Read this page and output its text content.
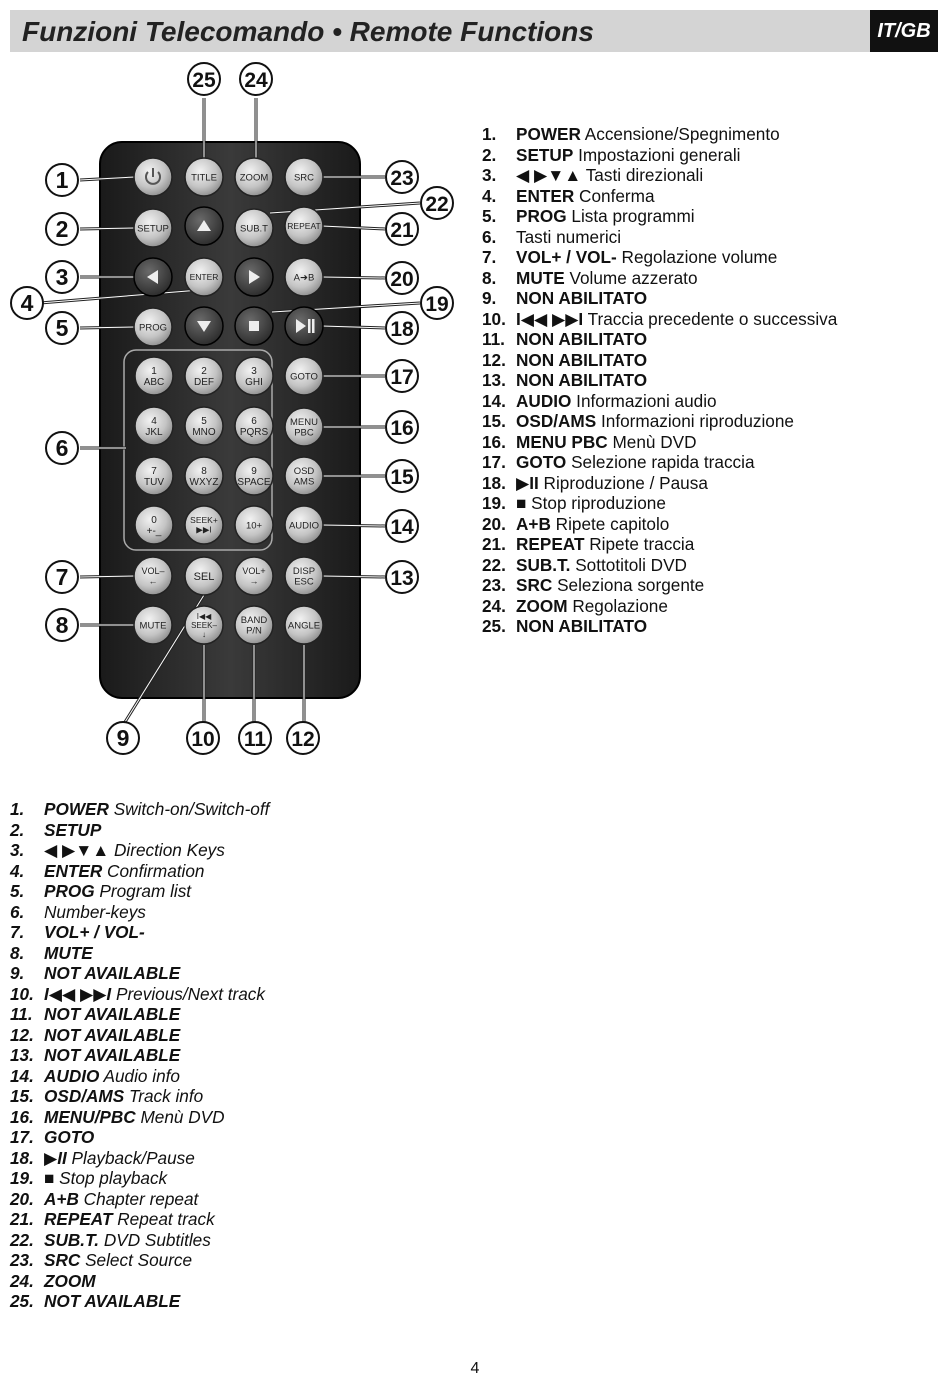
Funzioni Telecomando • Remote Functions	IT/GB
TITLE ZOOM	SRC
SETUP	SUB.T REPEAT
ENTER	A➜B
PROG
1
ABC
2
DEF
3
GHI
4
JKL
5
MNO
6
PQRS
7
TUV
8
WXYZ
9
SPACE
0
+-_
SEEK+
▶▶I	10+
GOTO
MENU
PBC
OSD
AMS
AUDIO
VOL–
←	SEL	VOL+
→
DISP
ESC
MUTE
I◀◀
SEEK–
↓
BAND
P/N	ANGLE
1
2
3
4
5
6
7
8
9	10 11 12
13
14
15
16
17
18
19
20
21
22
23
24
25
1. POWER Accensione/Spegnimento
2. SETUP Impostazioni generali
3. ◀ ▶▼▲ Tasti direzionali
4. ENTER Conferma
5. PROG Lista programmi
6. Tasti numerici
7. VOL+ / VOL- Regolazione volume
8. MUTE Volume azzerato
9. NON ABILITATO
10. I◀◀ ▶▶I Traccia precedente o successiva
11. NON ABILITATO
12. NON ABILITATO
13. NON ABILITATO
14. AUDIO Informazioni audio
15. OSD/AMS Informazioni riproduzione
16. MENU PBC Menù DVD
17. GOTO Selezione rapida traccia
18. ▶II Riproduzione / Pausa
19. ■ Stop riproduzione
20. A+B Ripete capitolo
21. REPEAT Ripete traccia
22. SUB.T. Sottotitoli DVD
23. SRC Seleziona sorgente
24. ZOOM Regolazione
25. NON ABILITATO
1. POWER Switch-on/Switch-off
2. SETUP
3. ◀ ▶▼▲ Direction Keys
4. ENTER Confirmation
5. PROG Program list
6. Number-keys
7. VOL+ / VOL-
8. MUTE
9. NOT AVAILABLE
10. I◀◀ ▶▶I Previous/Next track
11. NOT AVAILABLE
12. NOT AVAILABLE
13. NOT AVAILABLE
14. AUDIO Audio info
15. OSD/AMS Track info
16. MENU/PBC Menù DVD
17. GOTO
18. ▶II Playback/Pause
19. ■ Stop playback
20. A+B Chapter repeat
21. REPEAT Repeat track
22. SUB.T. DVD Subtitles
23. SRC Select Source
24. ZOOM
25. NOT AVAILABLE
4
